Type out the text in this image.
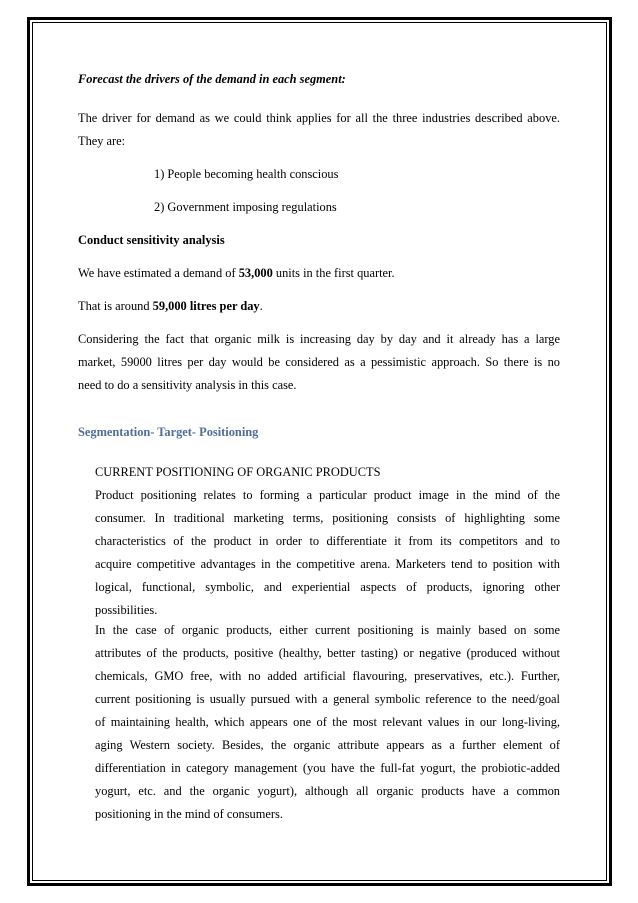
Forecast the drivers of the demand in each segment:
The driver for demand as we could think applies for all the three industries described above.
They are:
1) People becoming health conscious
2) Government imposing regulations
Conduct sensitivity analysis
We have estimated a demand of 53,000 units in the first quarter.
That is around 59,000 litres per day.
Considering the fact that organic milk is increasing day by day and it already has a large
market, 59000 litres per day would be considered as a pessimistic approach. So there is no
need to do a sensitivity analysis in this case.
Segmentation- Target- Positioning
CURRENT POSITIONING OF ORGANIC PRODUCTS
Product positioning relates to forming a particular product image in the mind of the
consumer. In traditional marketing terms, positioning consists of highlighting some
characteristics of the product in order to differentiate it from its competitors and to
acquire competitive advantages in the competitive arena. Marketers tend to position with
logical, functional, symbolic, and experiential aspects of products, ignoring other
possibilities.
In the case of organic products, either current positioning is mainly based on some
attributes of the products, positive (healthy, better tasting) or negative (produced without
chemicals, GMO free, with no added artificial flavouring, preservatives, etc.). Further,
current positioning is usually pursued with a general symbolic reference to the need/goal
of maintaining health, which appears one of the most relevant values in our long-living,
aging Western society. Besides, the organic attribute appears as a further element of
differentiation in category management (you have the full-fat yogurt, the probiotic-added
yogurt, etc. and the organic yogurt), although all organic products have a common
positioning in the mind of consumers.
